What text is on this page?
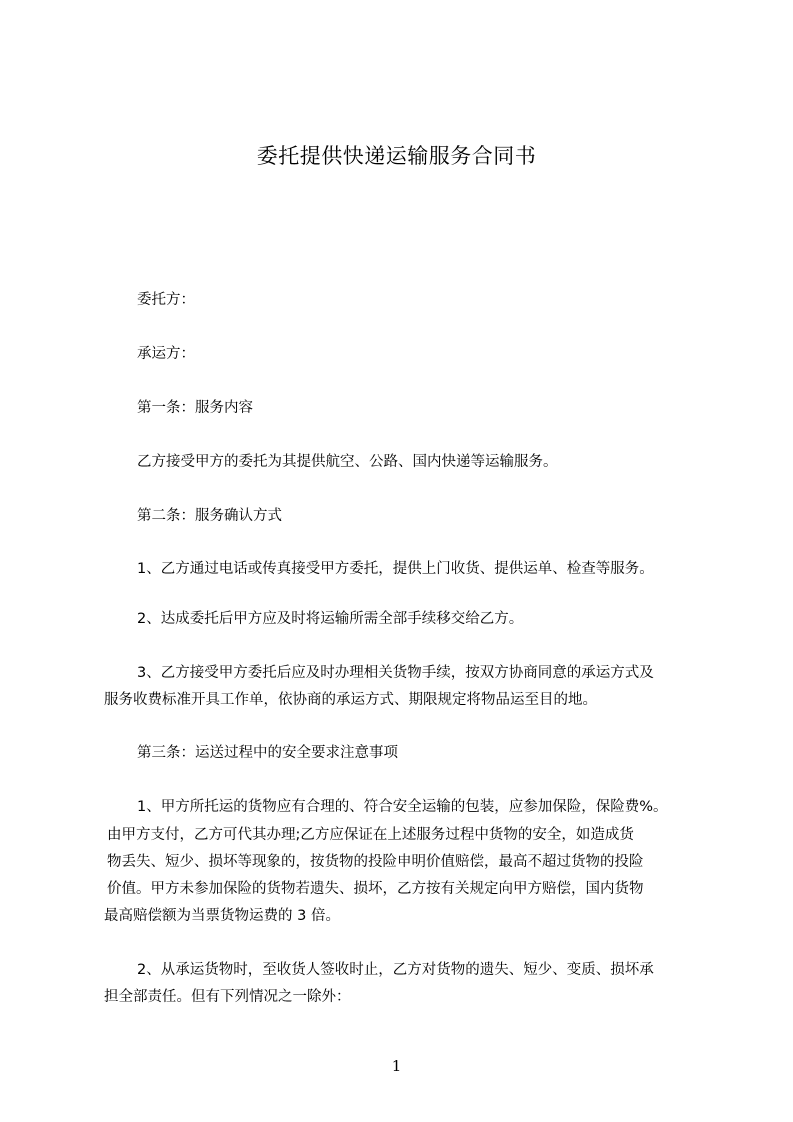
委托提供快递运输服务合同书
委托方：
承运方：
第一条：服务内容
乙方接受甲方的委托为其提供航空、公路、国内快递等运输服务。
第二条：服务确认方式
1、乙方通过电话或传真接受甲方委托，提供上门收货、提供运单、检查等服务。
2、达成委托后甲方应及时将运输所需全部手续移交给乙方。
3、乙方接受甲方委托后应及时办理相关货物手续，按双方协商同意的承运方式及
服务收费标准开具工作单，依协商的承运方式、期限规定将物品运至目的地。
第三条：运送过程中的安全要求注意事项
1、甲方所托运的货物应有合理的、符合安全运输的包装，应参加保险，保险费%。
由甲方支付，乙方可代其办理;乙方应保证在上述服务过程中货物的安全，如造成货
物丢失、短少、损坏等现象的，按货物的投险申明价值赔偿，最高不超过货物的投险
价值。甲方未参加保险的货物若遗失、损坏，乙方按有关规定向甲方赔偿，国内货物
最高赔偿额为当票货物运费的 3 倍。
2、从承运货物时，至收货人签收时止，乙方对货物的遗失、短少、变质、损坏承
担全部责任。但有下列情况之一除外：
1
